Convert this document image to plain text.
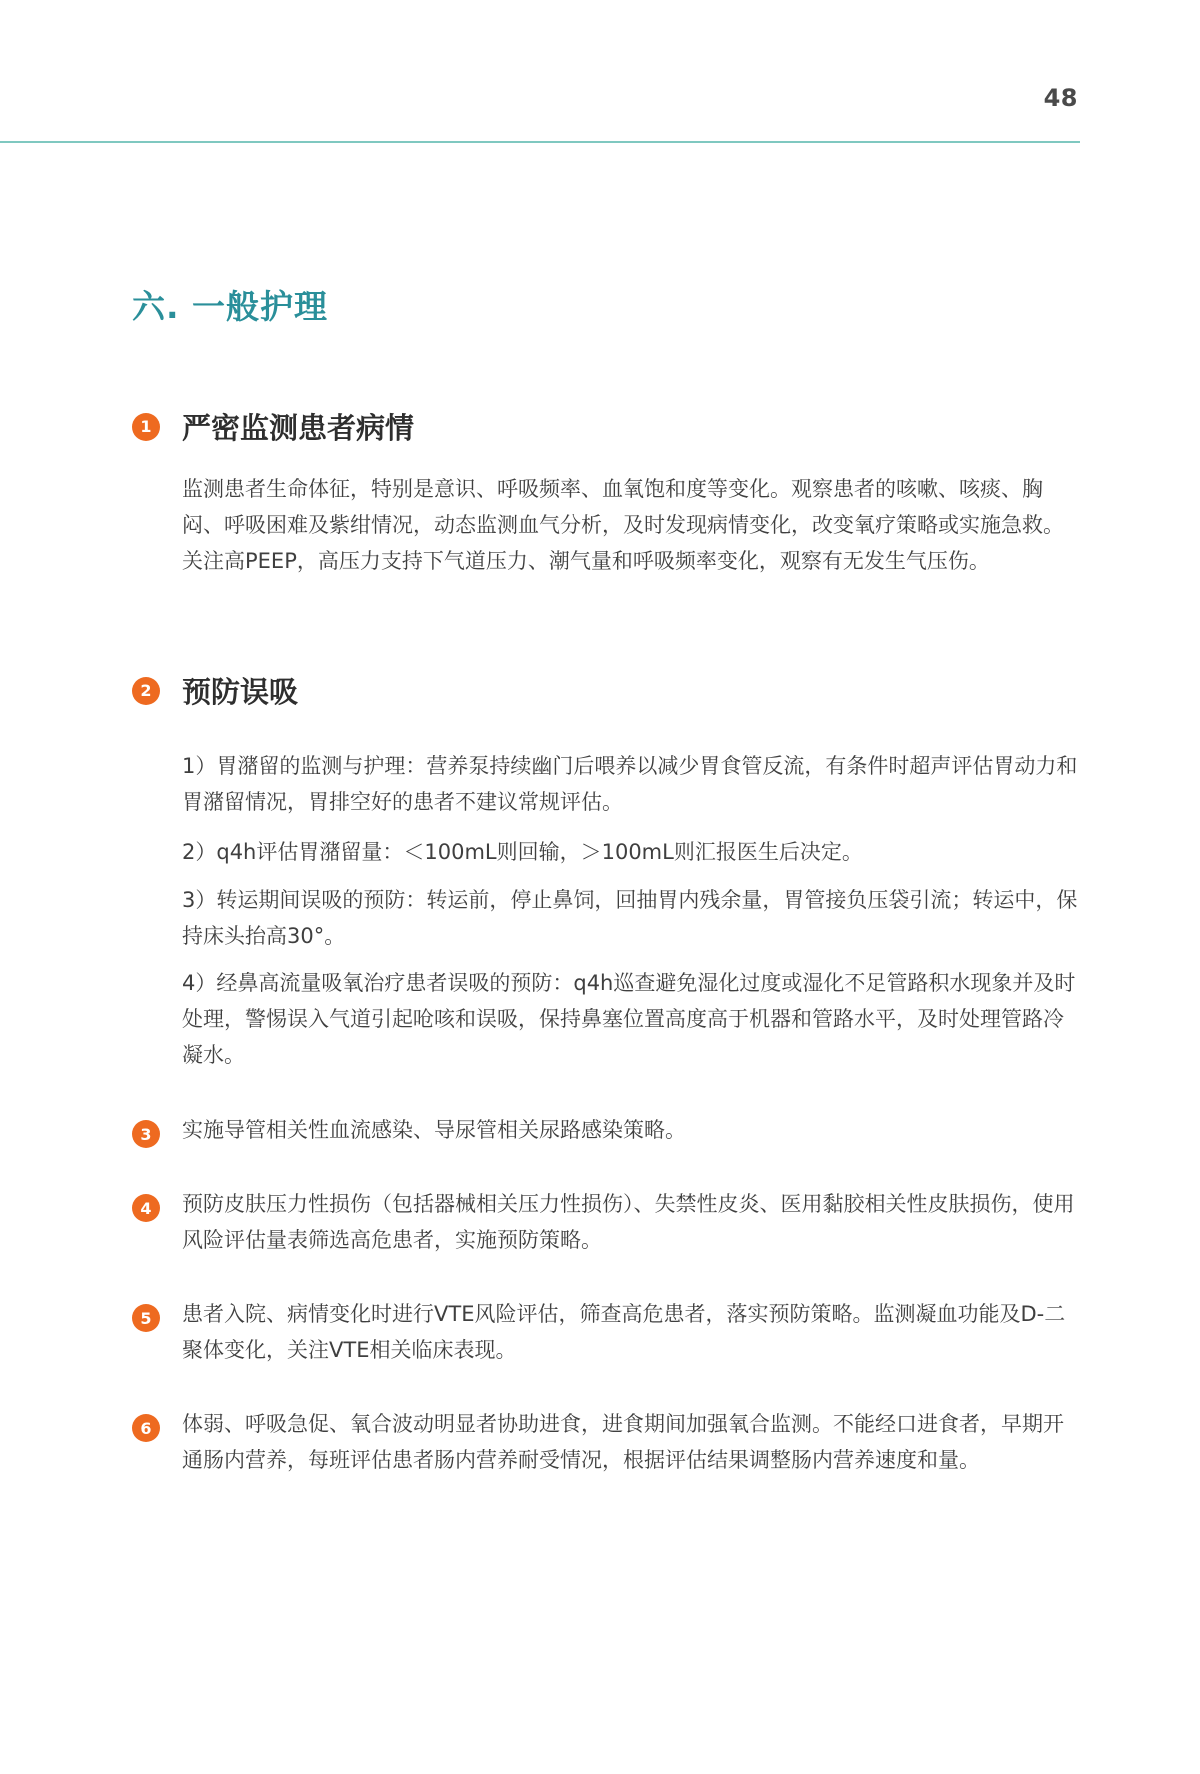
48
六. 一般护理
1 严密监测患者病情

监测患者生命体征，特别是意识、呼吸频率、血氧饱和度等变化。观察患者的咳嗽、咳痰、胸闷、呼吸困难及紫绀情况，动态监测血气分析，及时发现病情变化，改变氧疗策略或实施急救。关注高PEEP，高压力支持下气道压力、潮气量和呼吸频率变化，观察有无发生气压伤。

2 预防误吸

1）胃潴留的监测与护理：营养泵持续幽门后喂养以减少胃食管反流，有条件时超声评估胃动力和胃潴留情况，胃排空好的患者不建议常规评估。

2）q4h评估胃潴留量：＜100mL则回输，＞100mL则汇报医生后决定。

3）转运期间误吸的预防：转运前，停止鼻饲，回抽胃内残余量，胃管接负压袋引流；转运中，保持床头抬高30°。

4）经鼻高流量吸氧治疗患者误吸的预防：q4h巡查避免湿化过度或湿化不足管路积水现象并及时处理，警惕误入气道引起呛咳和误吸，保持鼻塞位置高度高于机器和管路水平，及时处理管路冷凝水。

3	实施导管相关性血流感染、导尿管相关尿路感染策略。
4	预防皮肤压力性损伤（包括器械相关压力性损伤）、失禁性皮炎、医用黏胶相关性皮肤损伤，使用风险评估量表筛选高危患者，实施预防策略。
5	患者入院、病情变化时进行VTE风险评估，筛查高危患者，落实预防策略。监测凝血功能及D-二聚体变化，关注VTE相关临床表现。
6	体弱、呼吸急促、氧合波动明显者协助进食，进食期间加强氧合监测。不能经口进食者，早期开通肠内营养，每班评估患者肠内营养耐受情况，根据评估结果调整肠内营养速度和量。
